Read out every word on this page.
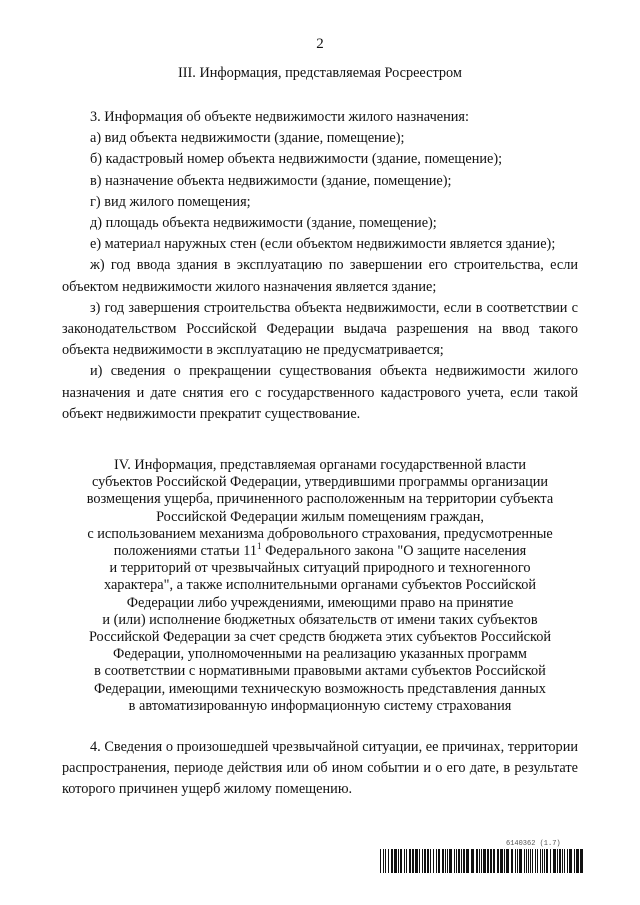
2
III. Информация, представляемая Росреестром

3. Информация об объекте недвижимости жилого назначения:

а) вид объекта недвижимости (здание, помещение);

б) кадастровый номер объекта недвижимости (здание, помещение);

в) назначение объекта недвижимости (здание, помещение);

г) вид жилого помещения;

д) площадь объекта недвижимости (здание, помещение);

е) материал наружных стен (если объектом недвижимости является здание);

ж) год ввода здания в эксплуатацию по завершении его строительства, если объектом недвижимости жилого назначения является здание;

з) год завершения строительства объекта недвижимости, если в соответствии с законодательством Российской Федерации выдача разрешения на ввод такого объекта недвижимости в эксплуатацию не предусматривается;

и) сведения о прекращении существования объекта недвижимости жилого назначения и дате снятия его с государственного кадастрового учета, если такой объект недвижимости прекратит существование.

IV. Информация, представляемая органами государственной власти
субъектов Российской Федерации, утвердившими программы организации
возмещения ущерба, причиненного расположенным на территории субъекта
Российской Федерации жилым помещениям граждан,
с использованием механизма добровольного страхования, предусмотренные
положениями статьи $11^1$ Федерального закона "О защите населения
и территорий от чрезвычайных ситуаций природного и техногенного
характера", а также исполнительными органами субъектов Российской
Федерации либо учреждениями, имеющими право на принятие
и (или) исполнение бюджетных обязательств от имени таких субъектов
Российской Федерации за счет средств бюджета этих субъектов Российской
Федерации, уполномоченными на реализацию указанных программ
в соответствии с нормативными правовыми актами субъектов Российской
Федерации, имеющими техническую возможность представления данных
в автоматизированную информационную систему страхования

4. Сведения о произошедшей чрезвычайной ситуации, ее причинах, территории распространения, периоде действия или об ином событии и о его дате, в результате которого причинен ущерб жилому помещению.

6140362 (1.7)
